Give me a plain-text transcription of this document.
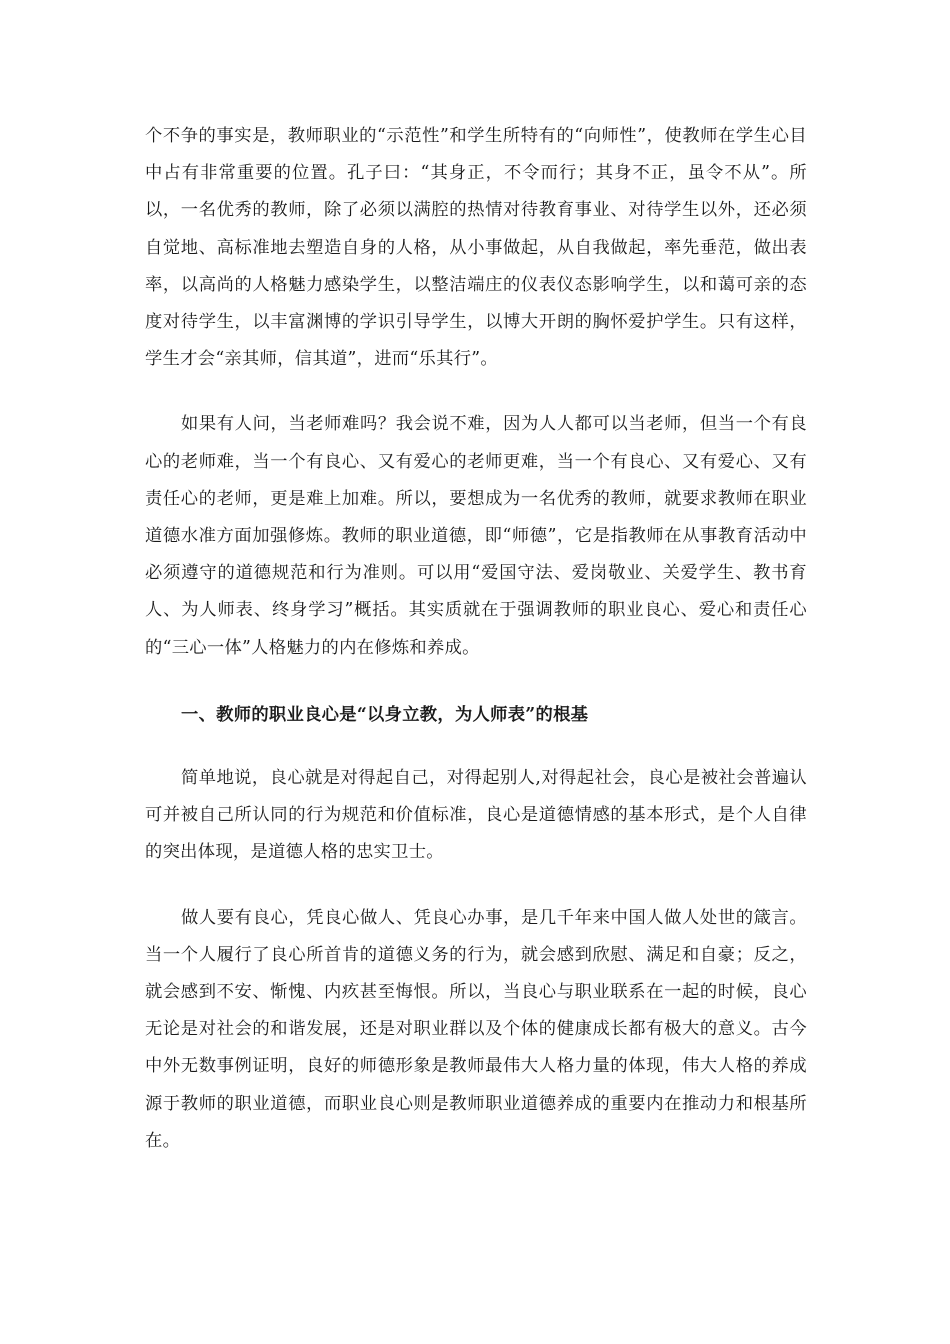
个不争的事实是，教师职业的“示范性”和学生所特有的“向师性”，使教师在学生心目中占有非常重要的位置。孔子曰：“其身正，不令而行；其身不正，虽令不从”。所以，一名优秀的教师，除了必须以满腔的热情对待教育事业、对待学生以外，还必须自觉地、高标准地去塑造自身的人格，从小事做起，从自我做起，率先垂范，做出表率，以高尚的人格魅力感染学生，以整洁端庄的仪表仪态影响学生，以和蔼可亲的态度对待学生，以丰富渊博的学识引导学生，以博大开朗的胸怀爱护学生。只有这样，学生才会“亲其师，信其道”，进而“乐其行”。

如果有人问，当老师难吗？我会说不难，因为人人都可以当老师，但当一个有良心的老师难，当一个有良心、又有爱心的老师更难，当一个有良心、又有爱心、又有责任心的老师，更是难上加难。所以，要想成为一名优秀的教师，就要求教师在职业道德水准方面加强修炼。教师的职业道德，即“师德”，它是指教师在从事教育活动中必须遵守的道德规范和行为准则。可以用“爱国守法、爱岗敬业、关爱学生、教书育人、为人师表、终身学习”概括。其实质就在于强调教师的职业良心、爱心和责任心的“三心一体”人格魅力的内在修炼和养成。

一、教师的职业良心是“以身立教，为人师表”的根基

简单地说，良心就是对得起自己，对得起别人,对得起社会，良心是被社会普遍认可并被自己所认同的行为规范和价值标准，良心是道德情感的基本形式，是个人自律的突出体现，是道德人格的忠实卫士。

做人要有良心，凭良心做人、凭良心办事，是几千年来中国人做人处世的箴言。当一个人履行了良心所首肯的道德义务的行为，就会感到欣慰、满足和自豪；反之，就会感到不安、惭愧、内疚甚至悔恨。所以，当良心与职业联系在一起的时候，良心无论是对社会的和谐发展，还是对职业群以及个体的健康成长都有极大的意义。古今中外无数事例证明，良好的师德形象是教师最伟大人格力量的体现，伟大人格的养成源于教师的职业道德，而职业良心则是教师职业道德养成的重要内在推动力和根基所在。
